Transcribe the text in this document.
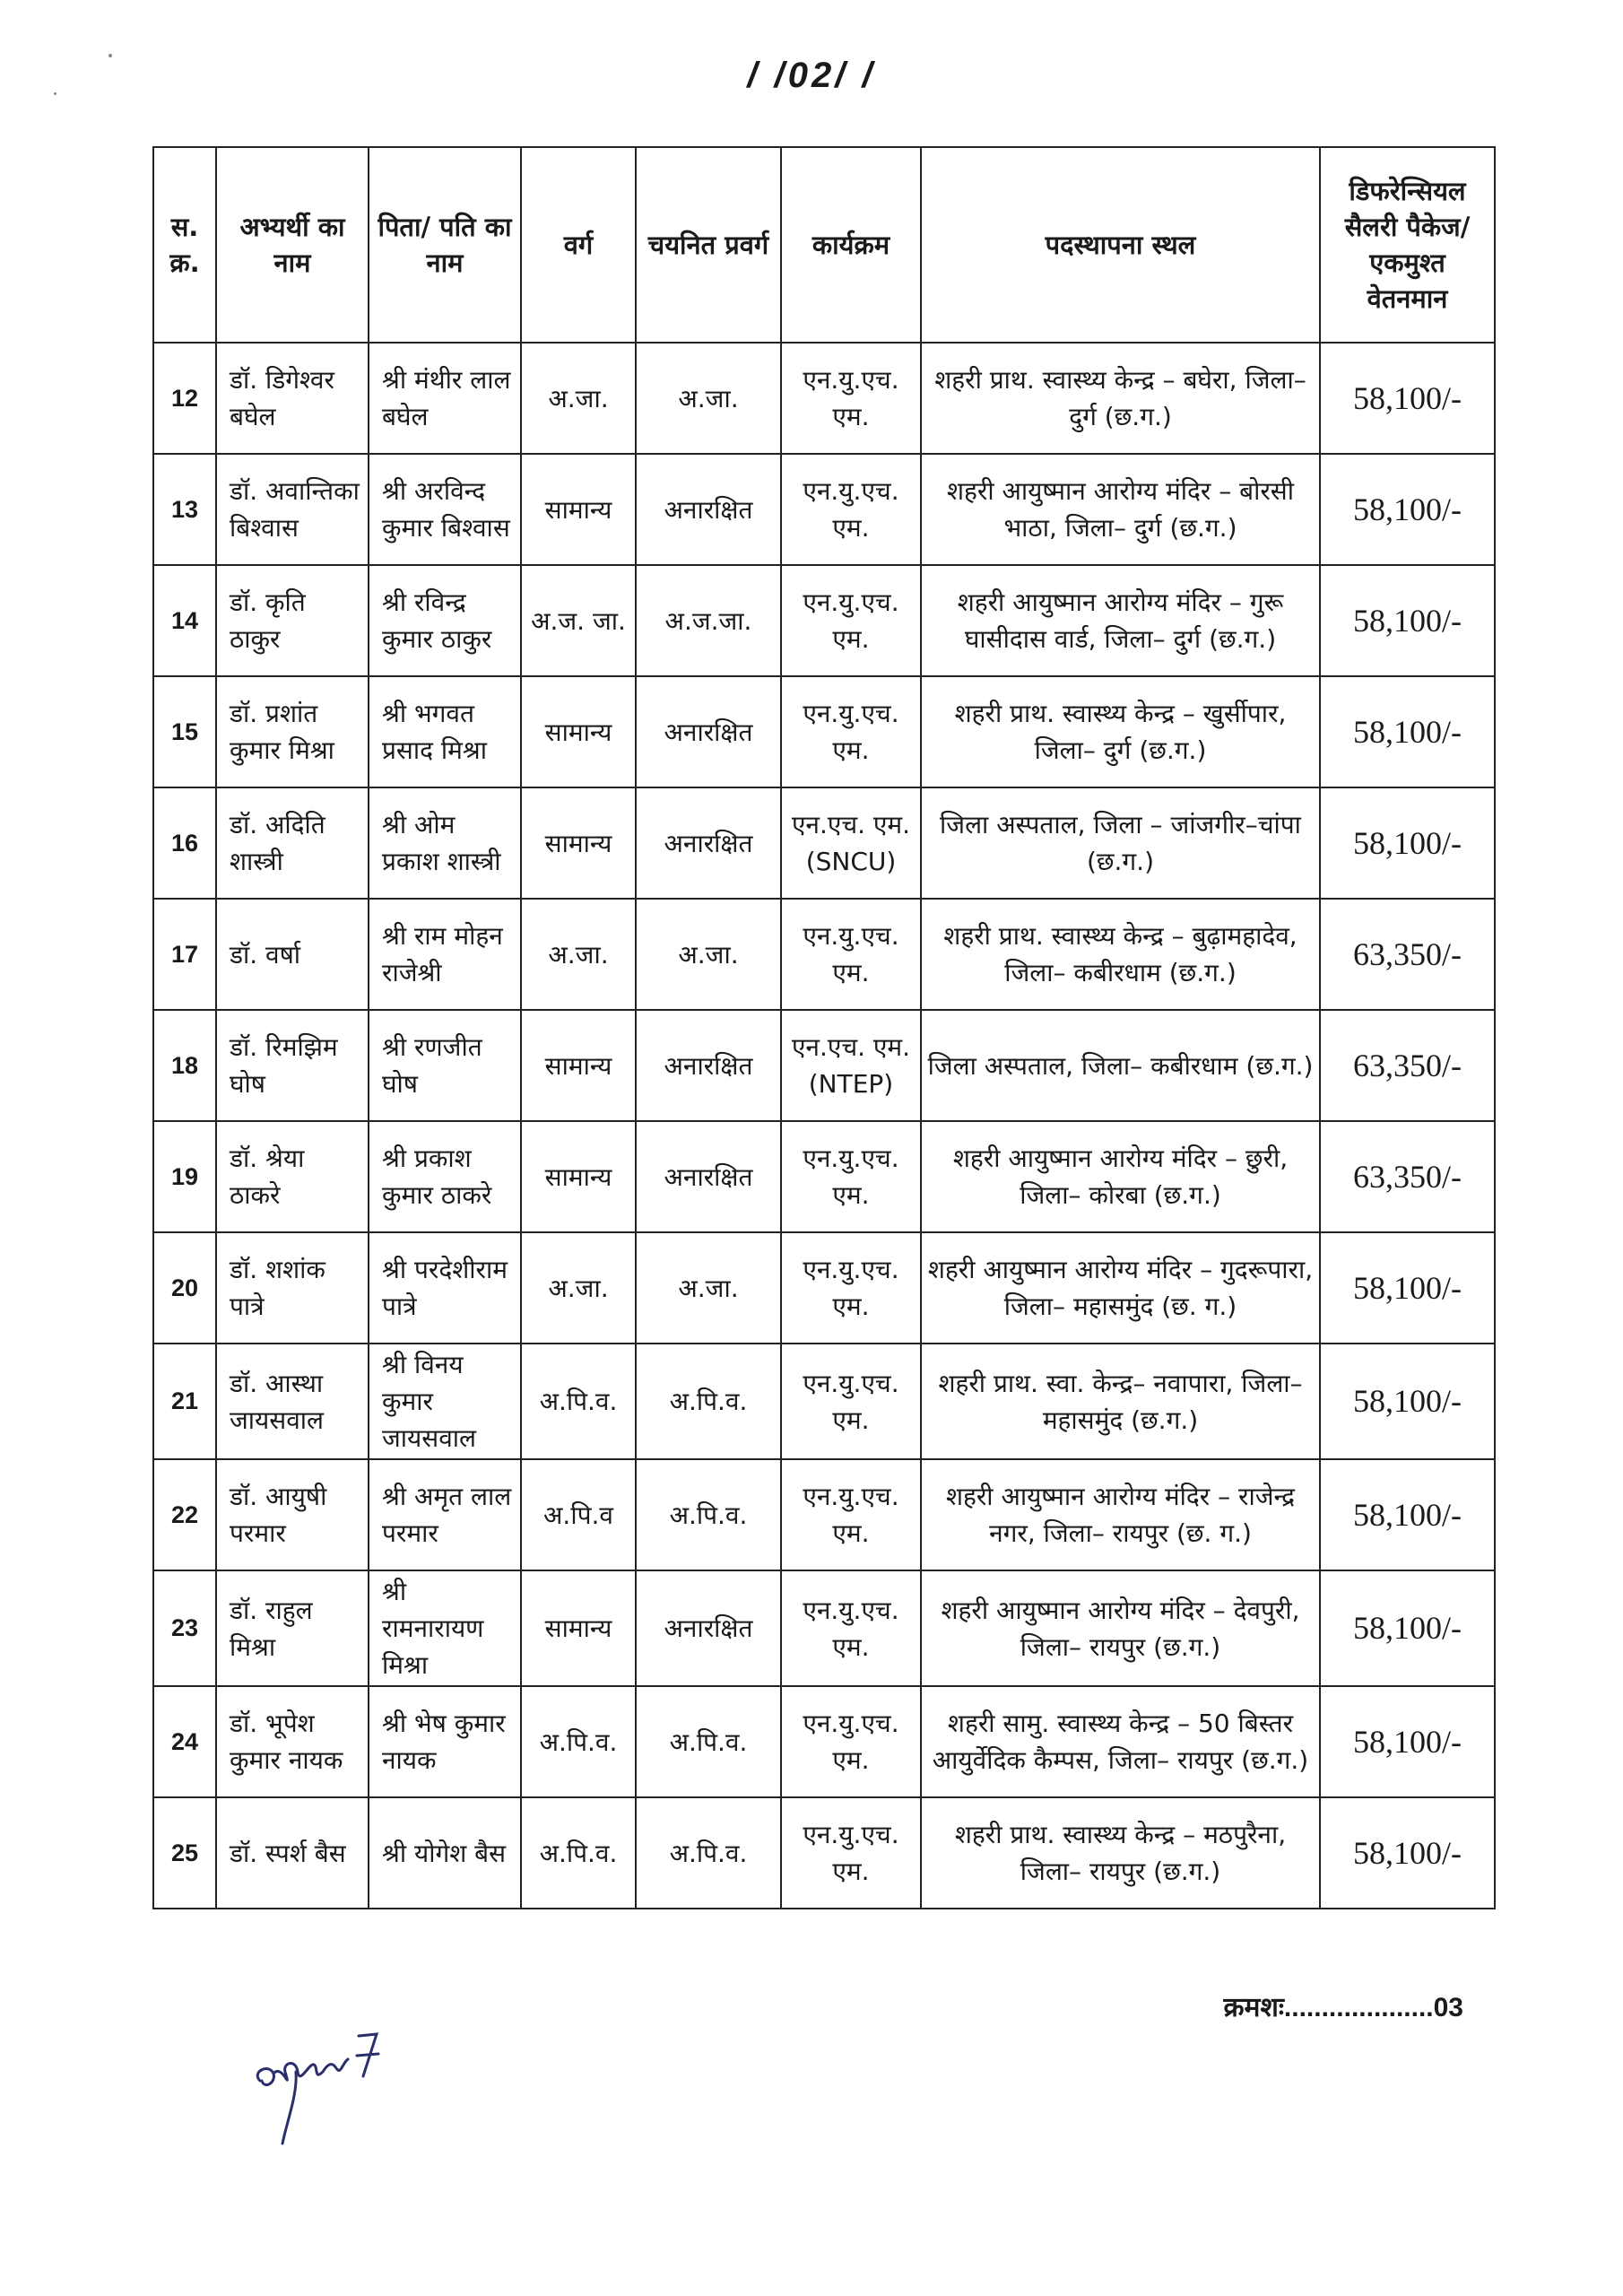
/ /02/ /
स. क्र.	अभ्यर्थी का नाम	पिता/ पति का नाम	वर्ग	चयनित प्रवर्ग	कार्यक्रम	पदस्थापना स्थल	डिफरेन्सियल सैलरी पैकेज/ एकमुश्त वेतनमान
12	डॉ. डिगेश्वर बघेल	श्री मंथीर लाल बघेल	अ.जा.	अ.जा.	एन.यु.एच. एम.	शहरी प्राथ. स्वास्थ्य केन्द्र – बघेरा, जिला– दुर्ग (छ.ग.)	58,100/-
13	डॉ. अवान्तिका बिश्वास	श्री अरविन्द कुमार बिश्वास	सामान्य	अनारक्षित	एन.यु.एच. एम.	शहरी आयुष्मान आरोग्य मंदिर – बोरसी भाठा, जिला– दुर्ग (छ.ग.)	58,100/-
14	डॉ. कृति ठाकुर	श्री रविन्द्र कुमार ठाकुर	अ.ज. जा.	अ.ज.जा.	एन.यु.एच. एम.	शहरी आयुष्मान आरोग्य मंदिर – गुरू घासीदास वार्ड, जिला– दुर्ग (छ.ग.)	58,100/-
15	डॉ. प्रशांत कुमार मिश्रा	श्री भगवत प्रसाद मिश्रा	सामान्य	अनारक्षित	एन.यु.एच. एम.	शहरी प्राथ. स्वास्थ्य केन्द्र – खुर्सीपार, जिला– दुर्ग (छ.ग.)	58,100/-
16	डॉ. अदिति शास्त्री	श्री ओम प्रकाश शास्त्री	सामान्य	अनारक्षित	एन.एच. एम. (SNCU)	जिला अस्पताल, जिला – जांजगीर–चांपा (छ.ग.)	58,100/-
17	डॉ. वर्षा	श्री राम मोहन राजेश्री	अ.जा.	अ.जा.	एन.यु.एच. एम.	शहरी प्राथ. स्वास्थ्य केन्द्र – बुढ़ामहादेव, जिला– कबीरधाम (छ.ग.)	63,350/-
18	डॉ. रिमझिम घोष	श्री रणजीत घोष	सामान्य	अनारक्षित	एन.एच. एम. (NTEP)	जिला अस्पताल, जिला– कबीरधाम (छ.ग.)	63,350/-
19	डॉ. श्रेया ठाकरे	श्री प्रकाश कुमार ठाकरे	सामान्य	अनारक्षित	एन.यु.एच. एम.	शहरी आयुष्मान आरोग्य मंदिर – छुरी, जिला– कोरबा (छ.ग.)	63,350/-
20	डॉ. शशांक पात्रे	श्री परदेशीराम पात्रे	अ.जा.	अ.जा.	एन.यु.एच. एम.	शहरी आयुष्मान आरोग्य मंदिर – गुदरूपारा, जिला– महासमुंद (छ. ग.)	58,100/-
21	डॉ. आस्था जायसवाल	श्री विनय कुमार जायसवाल	अ.पि.व.	अ.पि.व.	एन.यु.एच. एम.	शहरी प्राथ. स्वा. केन्द्र– नवापारा, जिला– महासमुंद (छ.ग.)	58,100/-
22	डॉ. आयुषी परमार	श्री अमृत लाल परमार	अ.पि.व	अ.पि.व.	एन.यु.एच. एम.	शहरी आयुष्मान आरोग्य मंदिर – राजेन्द्र नगर, जिला– रायपुर (छ. ग.)	58,100/-
23	डॉ. राहुल मिश्रा	श्री रामनारायण मिश्रा	सामान्य	अनारक्षित	एन.यु.एच. एम.	शहरी आयुष्मान आरोग्य मंदिर – देवपुरी, जिला– रायपुर (छ.ग.)	58,100/-
24	डॉ. भूपेश कुमार नायक	श्री भेष कुमार नायक	अ.पि.व.	अ.पि.व.	एन.यु.एच. एम.	शहरी सामु. स्वास्थ्य केन्द्र – 50 बिस्तर आयुर्वेदिक कैम्पस, जिला– रायपुर (छ.ग.)	58,100/-
25	डॉ. स्पर्श बैस	श्री योगेश बैस	अ.पि.व.	अ.पि.व.	एन.यु.एच. एम.	शहरी प्राथ. स्वास्थ्य केन्द्र – मठपुरैना, जिला– रायपुर (छ.ग.)	58,100/-
क्रमशः....................03
